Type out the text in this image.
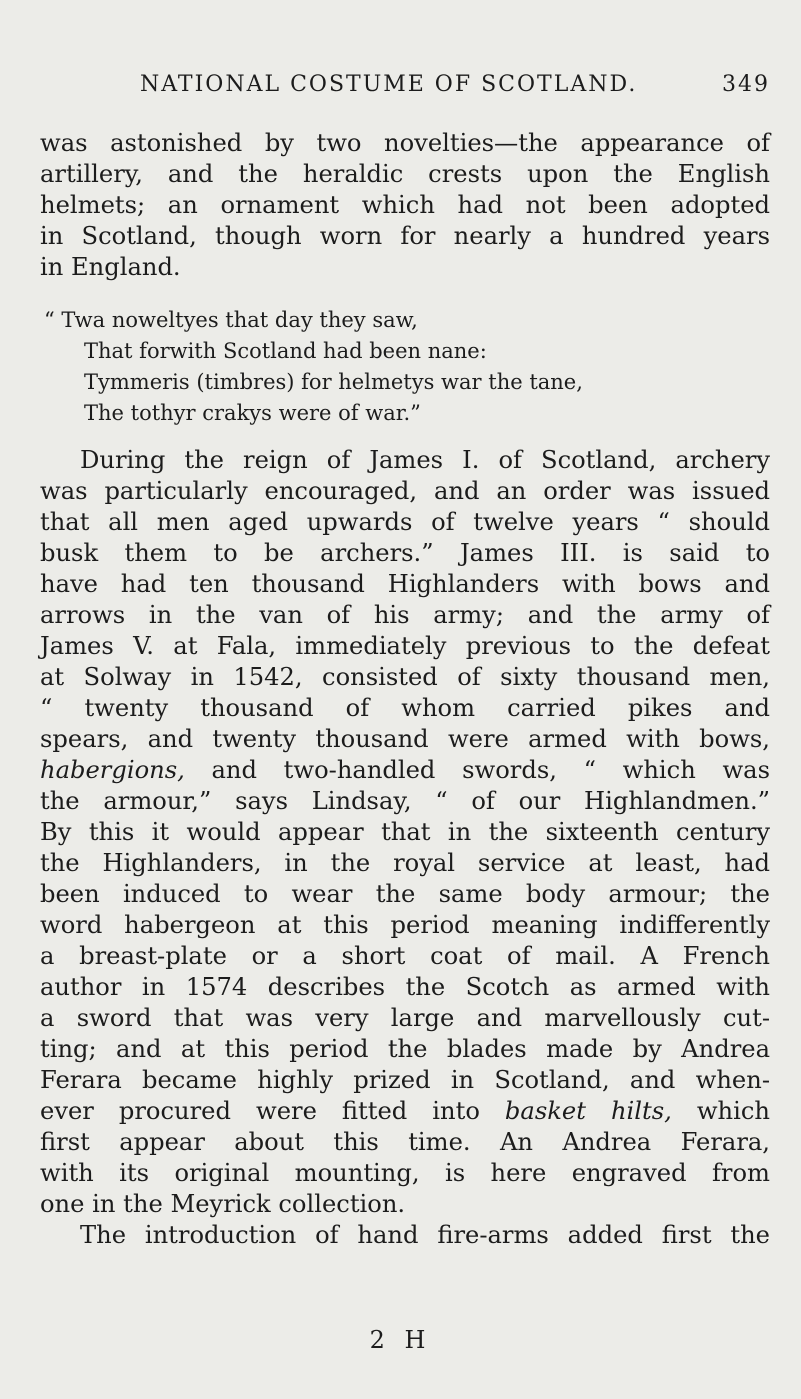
NATIONAL COSTUME OF SCOTLAND.	349
was astonished by two novelties—the appearance of
artillery, and the heraldic crests upon the English
helmets; an ornament which had not been adopted
in Scotland, though worn for nearly a hundred years
in England.
“ Twa noweltyes that day they saw,
That forwith Scotland had been nane:
Tymmeris (timbres) for helmetys war the tane,
The tothyr crakys were of war.”
During the reign of James I. of Scotland, archery
was particularly encouraged, and an order was issued
that all men aged upwards of twelve years “ should
busk them to be archers.” James III. is said to
have had ten thousand Highlanders with bows and
arrows in the van of his army; and the army of
James V. at Fala, immediately previous to the defeat
at Solway in 1542, consisted of sixty thousand men,
“ twenty thousand of whom carried pikes and
spears, and twenty thousand were armed with bows,
habergions, and two-handled swords, “ which was
the armour,” says Lindsay, “ of our Highlandmen.”
By this it would appear that in the sixteenth century
the Highlanders, in the royal service at least, had
been induced to wear the same body armour; the
word habergeon at this period meaning indifferently
a breast-plate or a short coat of mail. A French
author in 1574 describes the Scotch as armed with
a sword that was very large and marvellously cut-
ting; and at this period the blades made by Andrea
Ferara became highly prized in Scotland, and when-
ever procured were fitted into basket hilts, which
first appear about this time. An Andrea Ferara,
with its original mounting, is here engraved from
one in the Meyrick collection.
The introduction of hand fire-arms added first the
2 H
